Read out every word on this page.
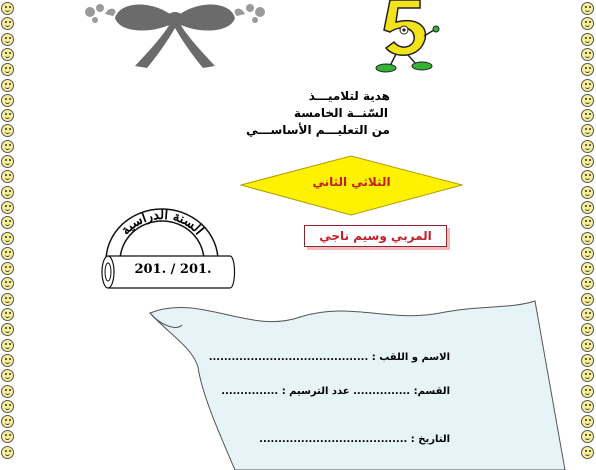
هدية لتلاميـــذ
السّنــة الخامسة
من التعليـــم الأساســـي
الثلاثي الثاني
المربي وسيم ناجي
السنة الدراسية
201. / 201.
الاسم و اللقب : ..........................................
القسم: ............... عدد الترسيم : ...............
التاريخ : .......................................
